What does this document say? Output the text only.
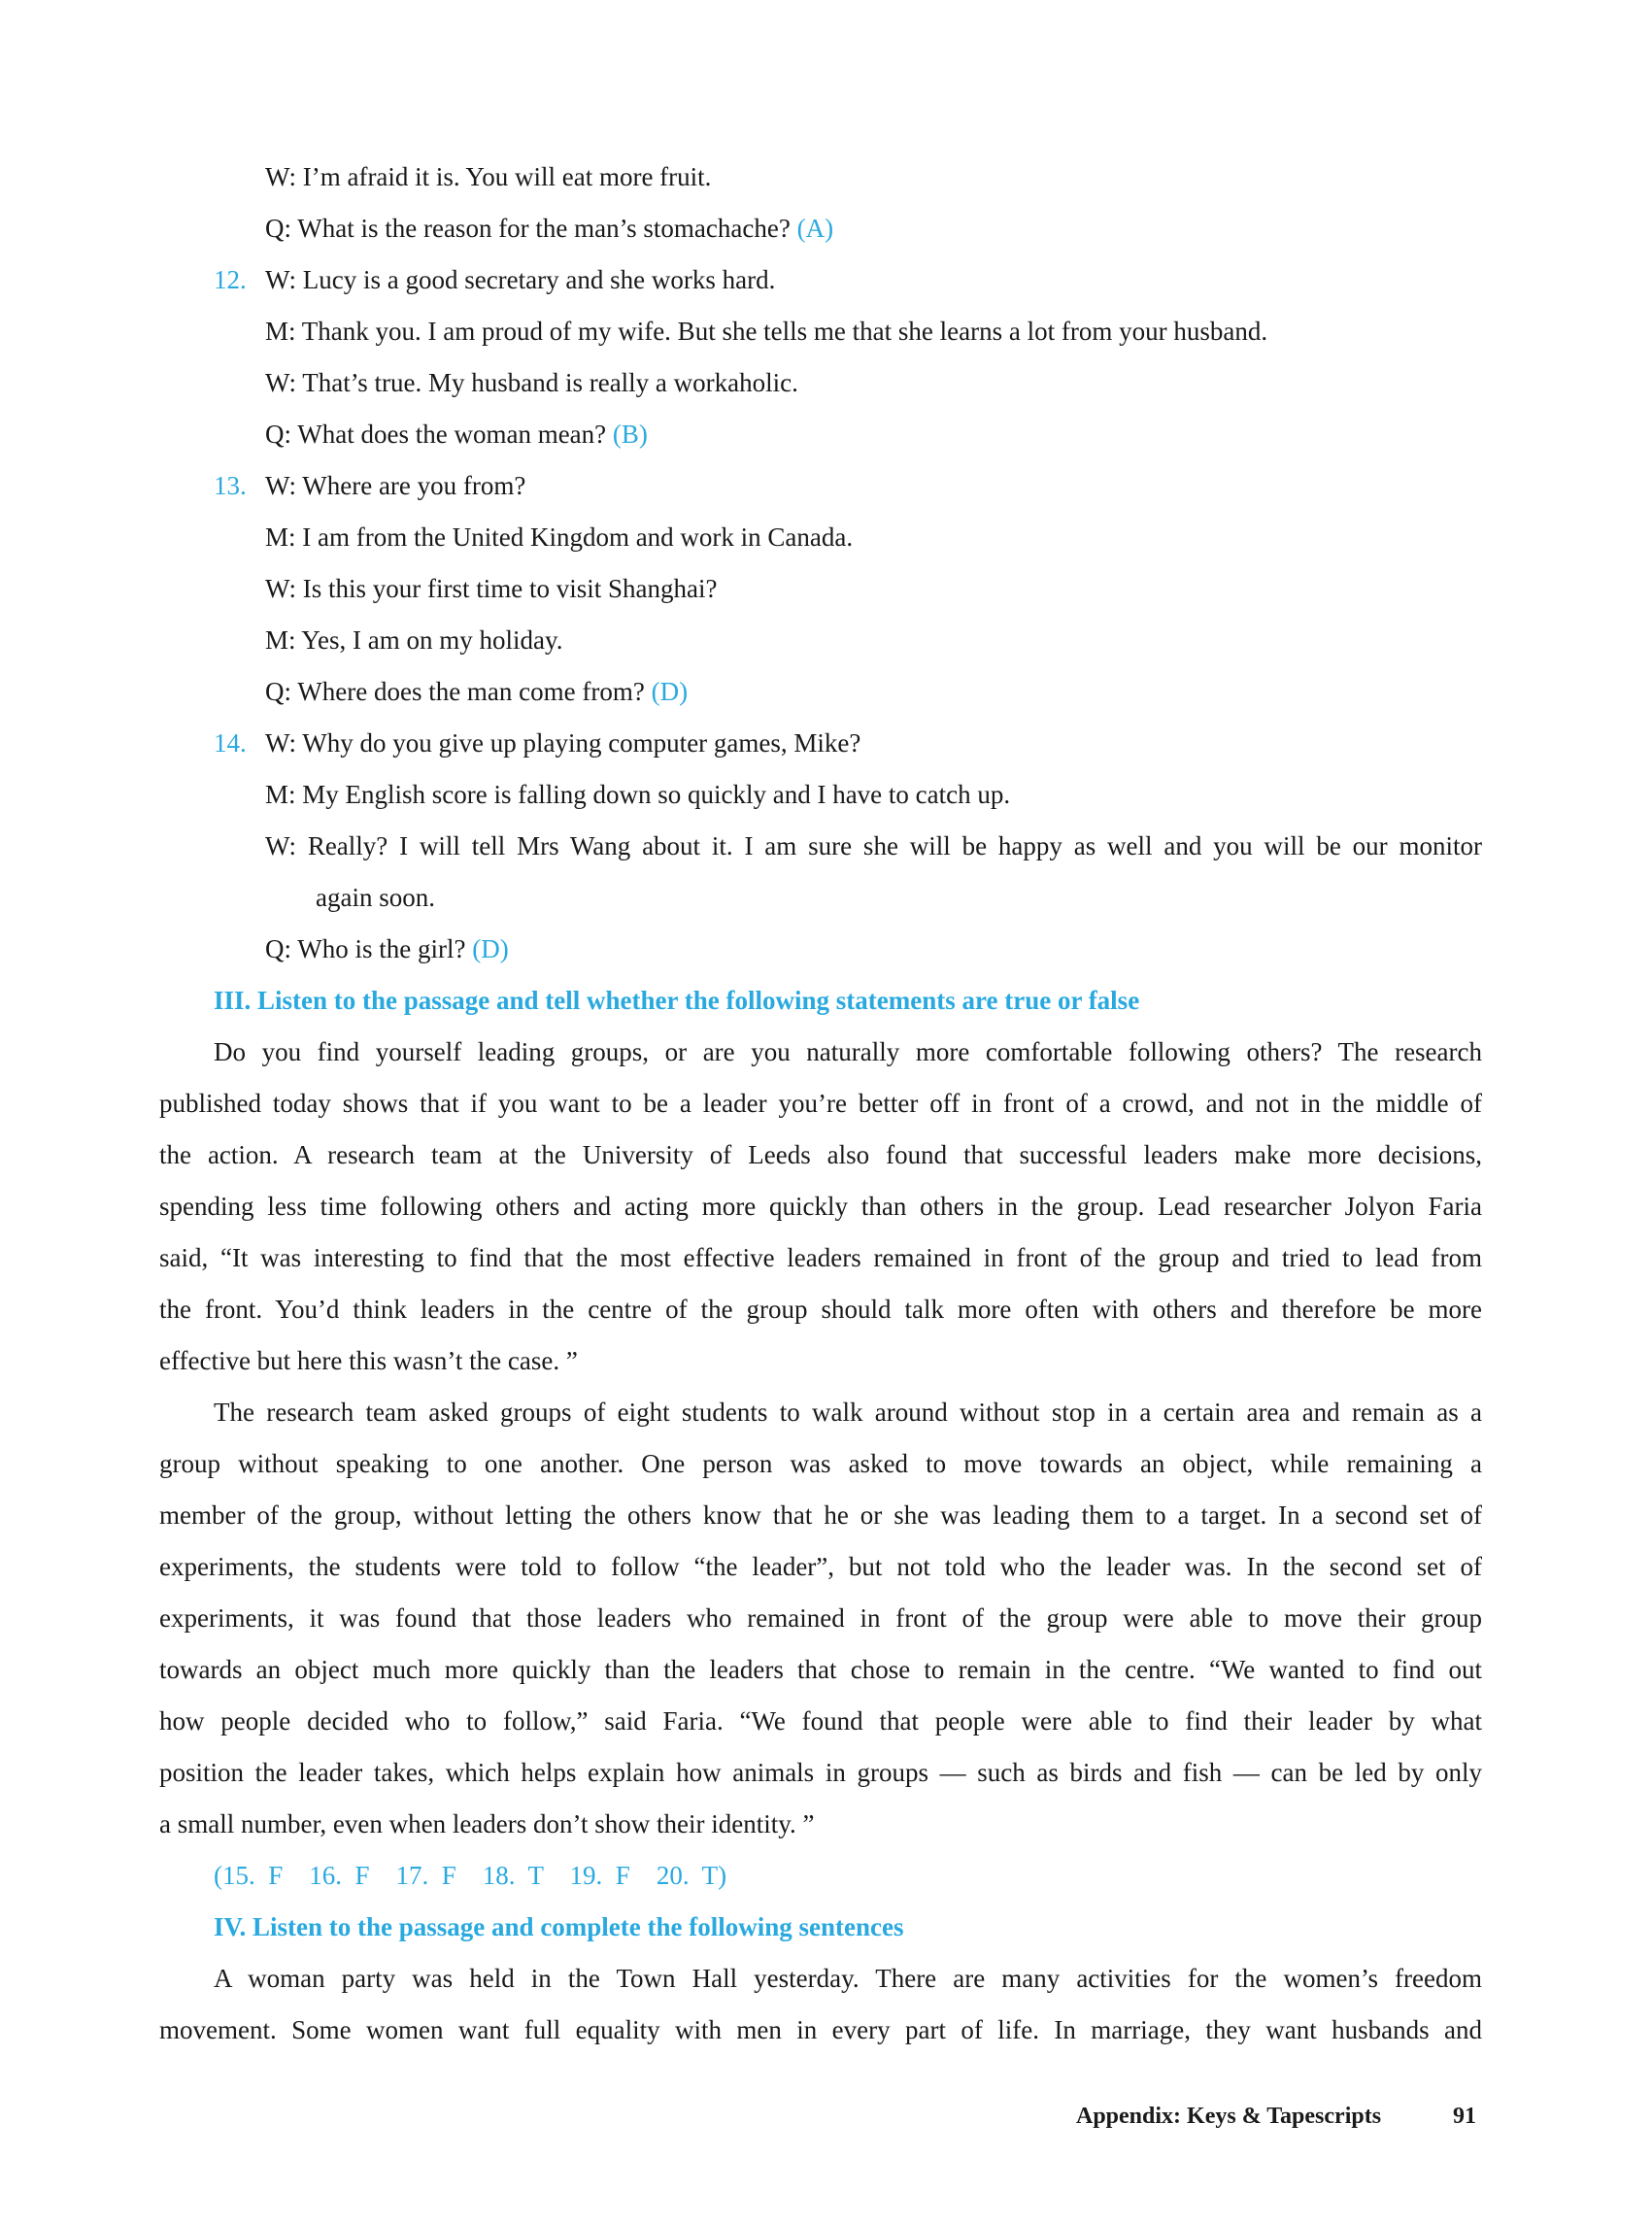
W: I’m afraid it is. You will eat more fruit.
Q: What is the reason for the man’s stomachache? (A)
12. W: Lucy is a good secretary and she works hard.
M: Thank you. I am proud of my wife. But she tells me that she learns a lot from your husband.
W: That’s true. My husband is really a workaholic.
Q: What does the woman mean? (B)
13. W: Where are you from?
M: I am from the United Kingdom and work in Canada.
W: Is this your first time to visit Shanghai?
M: Yes, I am on my holiday.
Q: Where does the man come from? (D)
14. W: Why do you give up playing computer games, Mike?
M: My English score is falling down so quickly and I have to catch up.
W: Really? I will tell Mrs Wang about it. I am sure she will be happy as well and you will be our monitor
again soon.
Q: Who is the girl? (D)
III. Listen to the passage and tell whether the following statements are true or false
Do you find yourself leading groups, or are you naturally more comfortable following others? The research
published today shows that if you want to be a leader you’re better off in front of a crowd, and not in the middle of
the action. A research team at the University of Leeds also found that successful leaders make more decisions,
spending less time following others and acting more quickly than others in the group. Lead researcher Jolyon Faria
said, “It was interesting to find that the most effective leaders remained in front of the group and tried to lead from
the front. You’d think leaders in the centre of the group should talk more often with others and therefore be more
effective but here this wasn’t the case. ”
The research team asked groups of eight students to walk around without stop in a certain area and remain as a
group without speaking to one another. One person was asked to move towards an object, while remaining a
member of the group, without letting the others know that he or she was leading them to a target. In a second set of
experiments, the students were told to follow “the leader”, but not told who the leader was. In the second set of
experiments, it was found that those leaders who remained in front of the group were able to move their group
towards an object much more quickly than the leaders that chose to remain in the centre. “We wanted to find out
how people decided who to follow,” said Faria. “We found that people were able to find their leader by what
position the leader takes, which helps explain how animals in groups — such as birds and fish — can be led by only
a small number, even when leaders don’t show their identity. ”
(15.  F    16.  F    17.  F    18.  T    19.  F    20.  T)
IV. Listen to the passage and complete the following sentences
A woman party was held in the Town Hall yesterday. There are many activities for the women’s freedom
movement. Some women want full equality with men in every part of life. In marriage, they want husbands and
Appendix: Keys & Tapescripts	91
